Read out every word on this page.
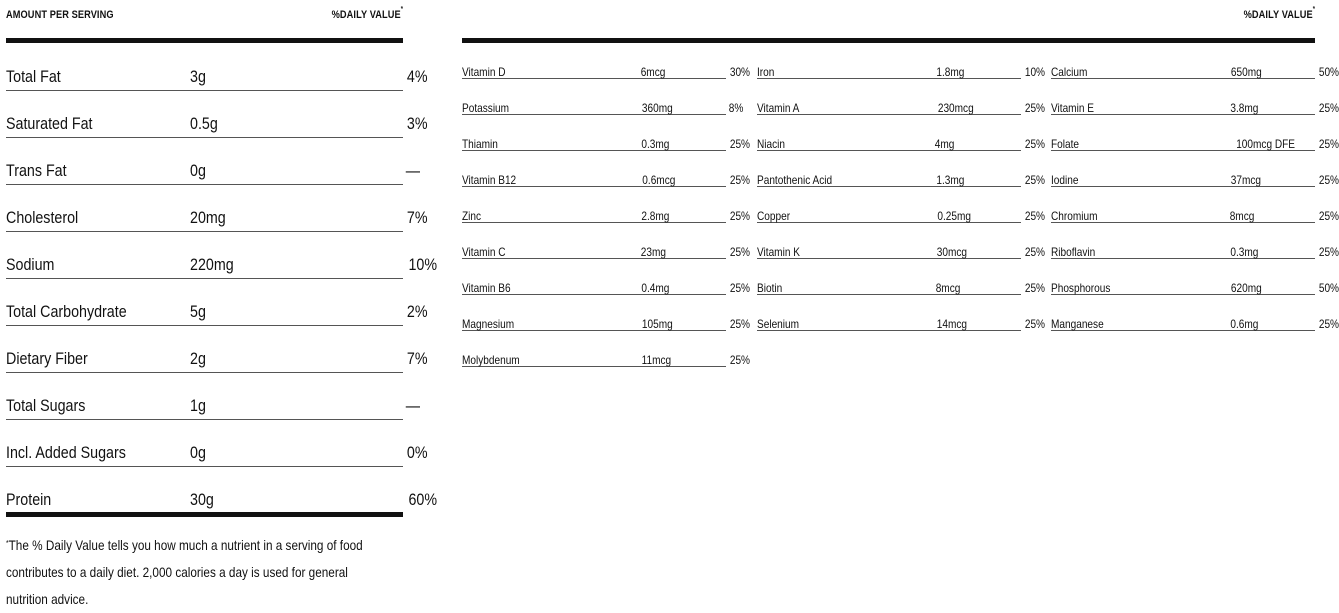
AMOUNT PER SERVING	%DAILY VALUE*
Total Fat	3g	4%
Saturated Fat	0.5g	3%
Trans Fat	0g	—
Cholesterol	20mg	7%
Sodium	220mg	10%
Total Carbohydrate	5g	2%
Dietary Fiber	2g	7%
Total Sugars	1g	—
Incl. Added Sugars	0g	0%
Protein	30g	60%
*The % Daily Value tells you how much a nutrient in a serving of food
contributes to a daily diet. 2,000 calories a day is used for general
nutrition advice.
%DAILY VALUE*
Vitamin D	6mcg	30%
Potassium	360mg	8%
Thiamin	0.3mg	25%
Vitamin B12	0.6mcg	25%
Zinc	2.8mg	25%
Vitamin C	23mg	25%
Vitamin B6	0.4mg	25%
Magnesium	105mg	25%
Molybdenum	11mcg	25%
Iron	1.8mg	10%
Vitamin A	230mcg	25%
Niacin	4mg	25%
Pantothenic Acid	1.3mg	25%
Copper	0.25mg	25%
Vitamin K	30mcg	25%
Biotin	8mcg	25%
Selenium	14mcg	25%
Calcium	650mg	50%
Vitamin E	3.8mg	25%
Folate	100mcg DFE 25%
Iodine	37mcg	25%
Chromium	8mcg	25%
Riboflavin	0.3mg	25%
Phosphorous	620mg	50%
Manganese	0.6mg	25%
